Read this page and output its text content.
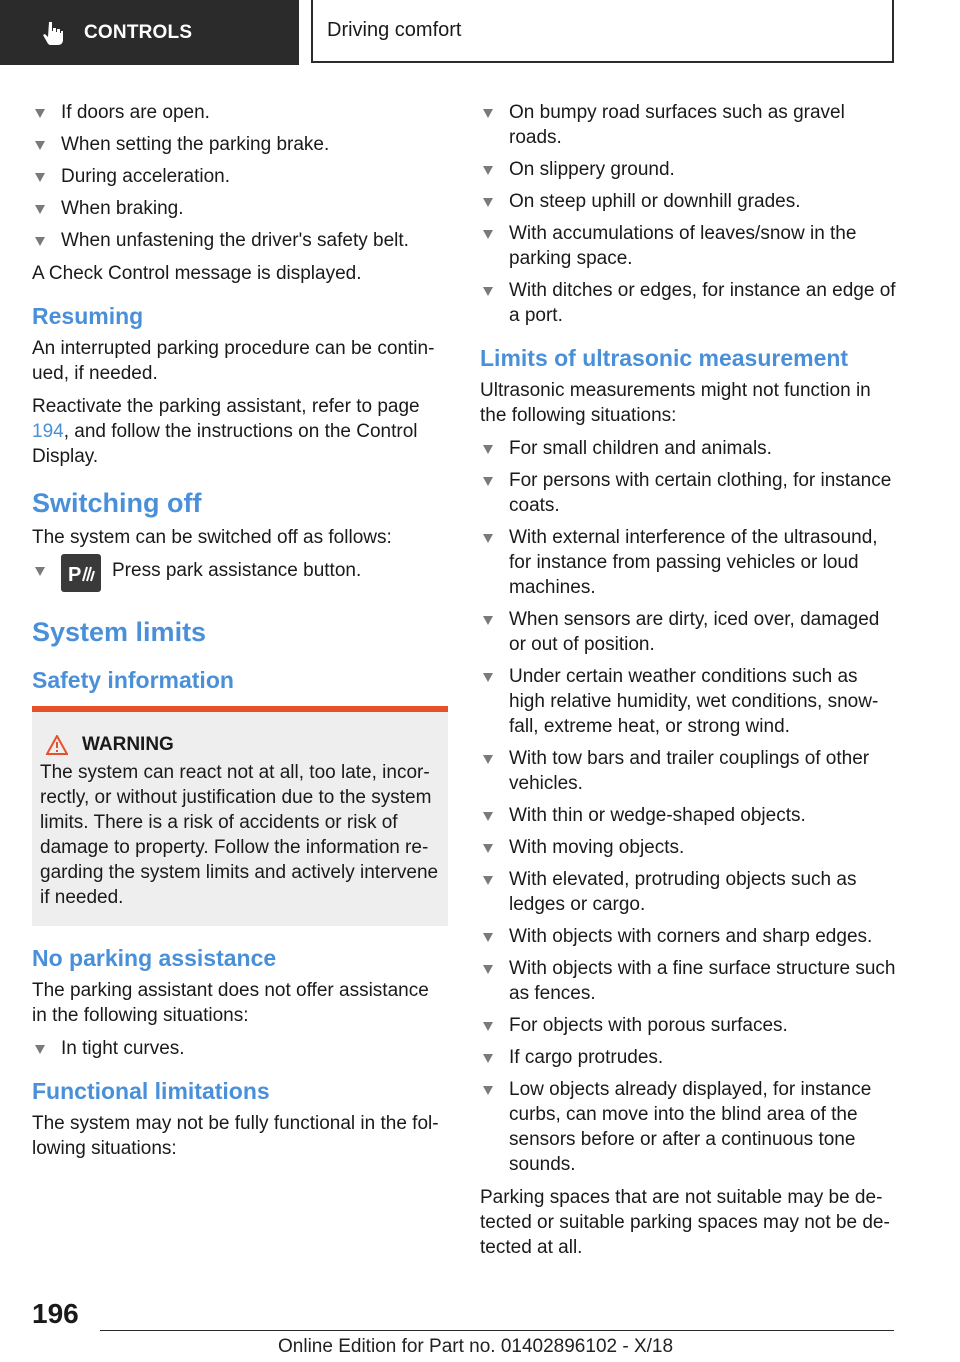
CONTROLS	Driving comfort
If doors are open.
When setting the parking brake.
During acceleration.
When braking.
When unfastening the driver's safety belt.

A Check Control message is displayed.

Resuming

An interrupted parking procedure can be contin-ued, if needed.

Reactivate the parking assistant, refer to page 194, and follow the instructions on the Control Display.

Switching off

The system can be switched off as follows:

P Press park assistance button.
System limits
Safety information
WARNING

The system can react not at all, too late, incor-rectly, or without justification due to the system limits. There is a risk of accidents or risk of damage to property. Follow the information re-garding the system limits and actively intervene if needed.

No parking assistance

The parking assistant does not offer assistance in the following situations:

In tight curves.
Functional limitations

The system may not be fully functional in the fol-lowing situations:

On bumpy road surfaces such as gravel roads.
On slippery ground.
On steep uphill or downhill grades.
With accumulations of leaves/snow in the parking space.
With ditches or edges, for instance an edge of a port.
Limits of ultrasonic measurement

Ultrasonic measurements might not function in the following situations:

For small children and animals.
For persons with certain clothing, for instance coats.
With external interference of the ultrasound, for instance from passing vehicles or loud machines.
When sensors are dirty, iced over, damaged or out of position.
Under certain weather conditions such as high relative humidity, wet conditions, snow-fall, extreme heat, or strong wind.
With tow bars and trailer couplings of other vehicles.
With thin or wedge-shaped objects.
With moving objects.
With elevated, protruding objects such as ledges or cargo.
With objects with corners and sharp edges.
With objects with a fine surface structure such as fences.
For objects with porous surfaces.
If cargo protrudes.
Low objects already displayed, for instance curbs, can move into the blind area of the sensors before or after a continuous tone sounds.

Parking spaces that are not suitable may be de-tected or suitable parking spaces may not be de-tected at all.

196
Online Edition for Part no. 01402896102 - X/18
